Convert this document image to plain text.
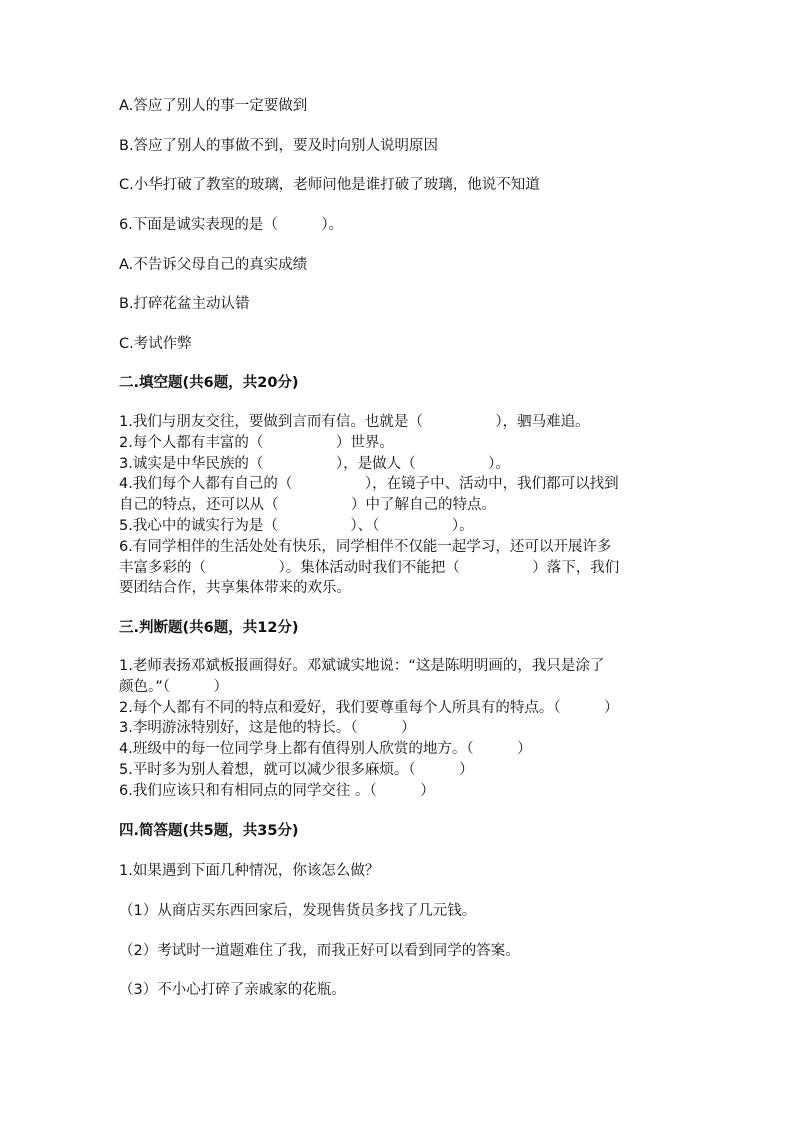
A.答应了别人的事一定要做到
B.答应了别人的事做不到，要及时向别人说明原因
C.小华打破了教室的玻璃，老师问他是谁打破了玻璃，他说不知道
6.下面是诚实表现的是（　　　）。
A.不告诉父母自己的真实成绩
B.打碎花盆主动认错
C.考试作弊
二.填空题(共6题，共20分)
1.我们与朋友交往，要做到言而有信。也就是（　　　　　），驷马难追。
2.每个人都有丰富的（　　　　　）世界。
3.诚实是中华民族的（　　　　　），是做人（　　　　　）。
4.我们每个人都有自己的（　　　　　），在镜子中、活动中，我们都可以找到
自己的特点，还可以从（　　　　　）中了解自己的特点。
5.我心中的诚实行为是（　　　　　）、（　　　　　）。
6.有同学相伴的生活处处有快乐，同学相伴不仅能一起学习，还可以开展许多
丰富多彩的（　　　　　）。集体活动时我们不能把（　　　　　）落下，我们
要团结合作，共享集体带来的欢乐。
三.判断题(共6题，共12分)
1.老师表扬邓斌板报画得好。邓斌诚实地说：“这是陈明明画的，我只是涂了
颜色。”（　　　）
2.每个人都有不同的特点和爱好，我们要尊重每个人所具有的特点。（　　　）
3.李明游泳特别好，这是他的特长。（　　　）
4.班级中的每一位同学身上都有值得别人欣赏的地方。（　　　）
5.平时多为别人着想，就可以减少很多麻烦。（　　　）
6.我们应该只和有相同点的同学交往 。（　　　）
四.简答题(共5题，共35分)
1.如果遇到下面几种情况，你该怎么做？
（1）从商店买东西回家后，发现售货员多找了几元钱。
（2）考试时一道题难住了我，而我正好可以看到同学的答案。
（3）不小心打碎了亲戚家的花瓶。
